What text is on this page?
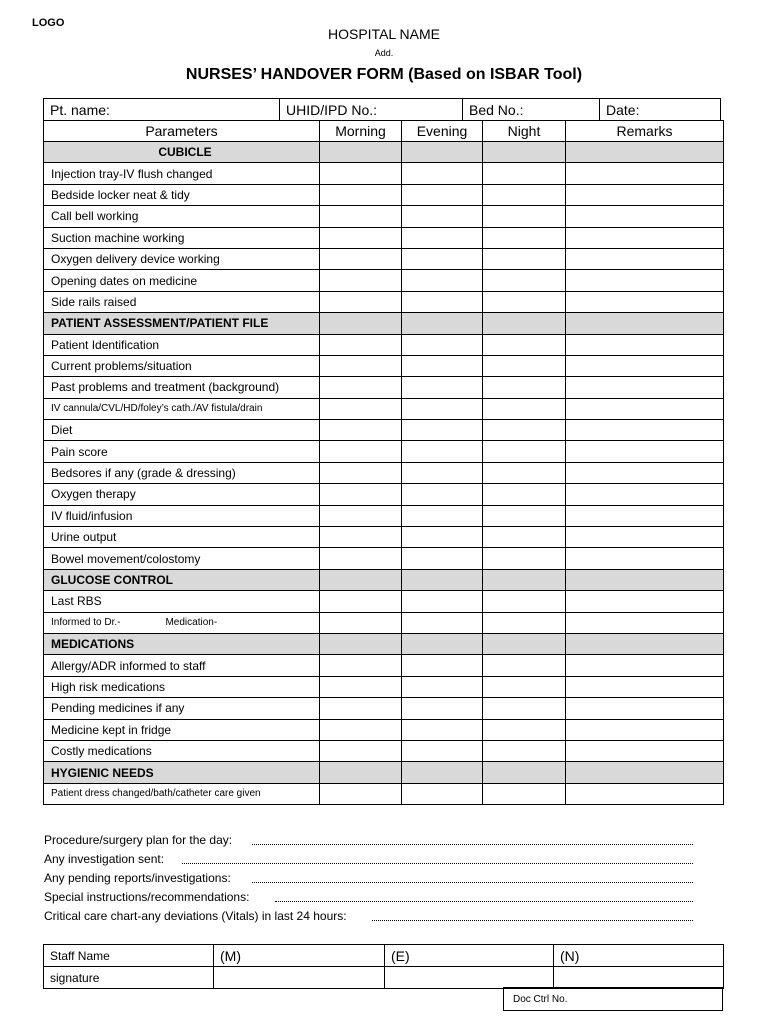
LOGO
HOSPITAL NAME
Add.
NURSES’ HANDOVER FORM (Based on ISBAR Tool)
Pt. name:	UHID/IPD No.:	Bed No.:	Date:
Parameters	Morning	Evening	Night	Remarks
CUBICLE				
Injection tray-IV flush changed				
Bedside locker neat & tidy				
Call bell working				
Suction machine working				
Oxygen delivery device working				
Opening dates on medicine				
Side rails raised				
PATIENT ASSESSMENT/PATIENT FILE				
Patient Identification				
Current problems/situation				
Past problems and treatment (background)				
IV cannula/CVL/HD/foley’s cath./AV fistula/drain				
Diet				
Pain score				
Bedsores if any (grade & dressing)				
Oxygen therapy				
IV fluid/infusion				
Urine output				
Bowel movement/colostomy				
GLUCOSE CONTROL				
Last RBS				
Informed to Dr.- Medication-				
MEDICATIONS				
Allergy/ADR informed to staff				
High risk medications				
Pending medicines if any				
Medicine kept in fridge				
Costly medications				
HYGIENIC NEEDS				
Patient dress changed/bath/catheter care given				
Procedure/surgery plan for the day:
Any investigation sent:
Any pending reports/investigations:
Special instructions/recommendations:
Critical care chart-any deviations (Vitals) in last 24 hours:
Staff Name	(M)	(E)	(N)
signature			
Doc Ctrl No.
